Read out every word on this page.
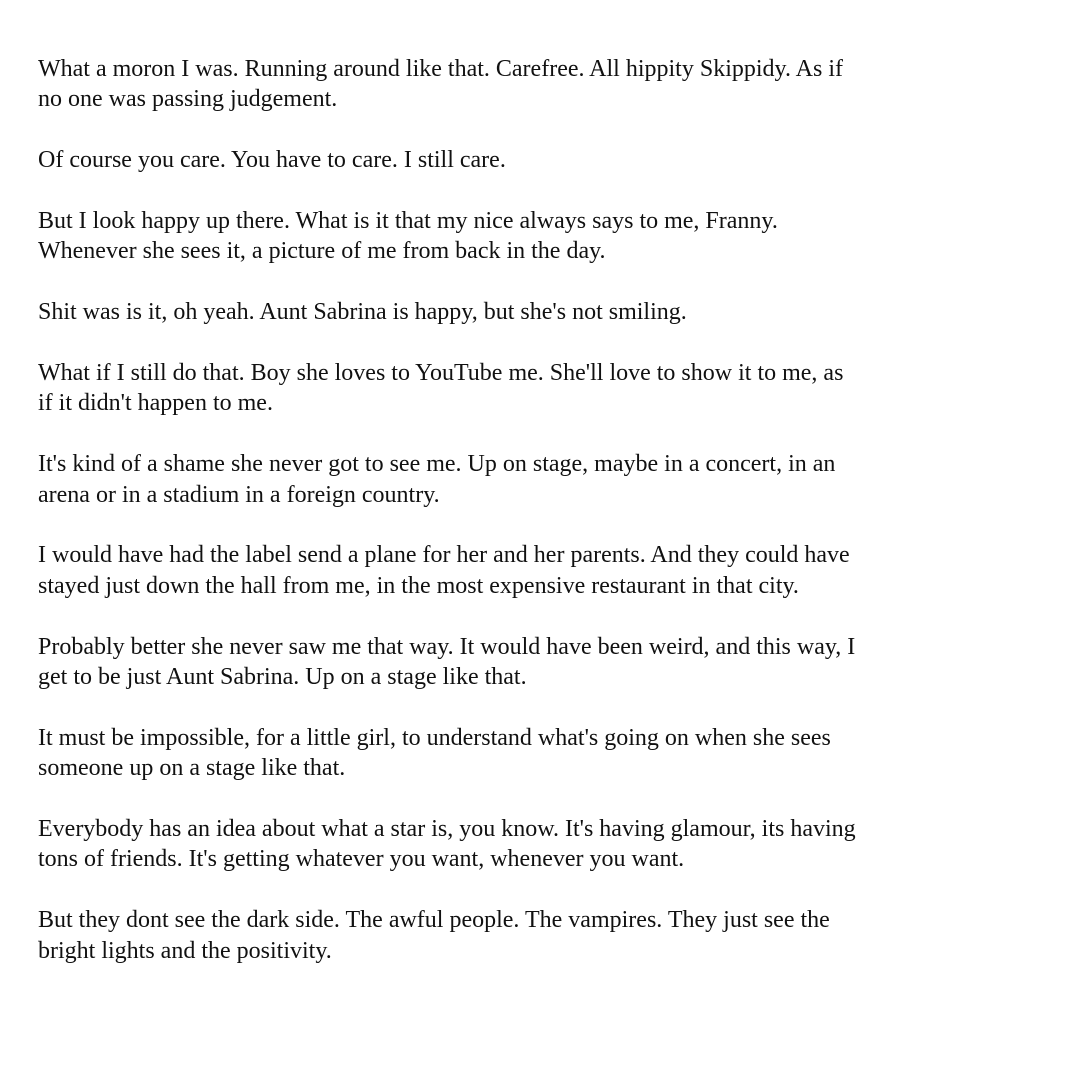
What a moron I was. Running around like that. Carefree. All hippity Skippidy. As if no one was passing judgement.

Of course you care. You have to care. I still care.

But I look happy up there. What is it that my nice always says to me, Franny. Whenever she sees it, a picture of me from back in the day.

Shit was is it, oh yeah. Aunt Sabrina is happy, but she's not smiling.

What if I still do that. Boy she loves to YouTube me. She'll love to show it to me, as if it didn't happen to me.

It's kind of a shame she never got to see me. Up on stage, maybe in a concert, in an arena or in a stadium in a foreign country.

I would have had the label send a plane for her and her parents. And they could have stayed just down the hall from me, in the most expensive restaurant in that city.

Probably better she never saw me that way. It would have been weird, and this way, I get to be just Aunt Sabrina. Up on a stage like that.

It must be impossible, for a little girl, to understand what's going on when she sees someone up on a stage like that.

Everybody has an idea about what a star is, you know. It's having glamour, its having tons of friends. It's getting whatever you want, whenever you want.

But they dont see the dark side. The awful people. The vampires. They just see the bright lights and the positivity.
